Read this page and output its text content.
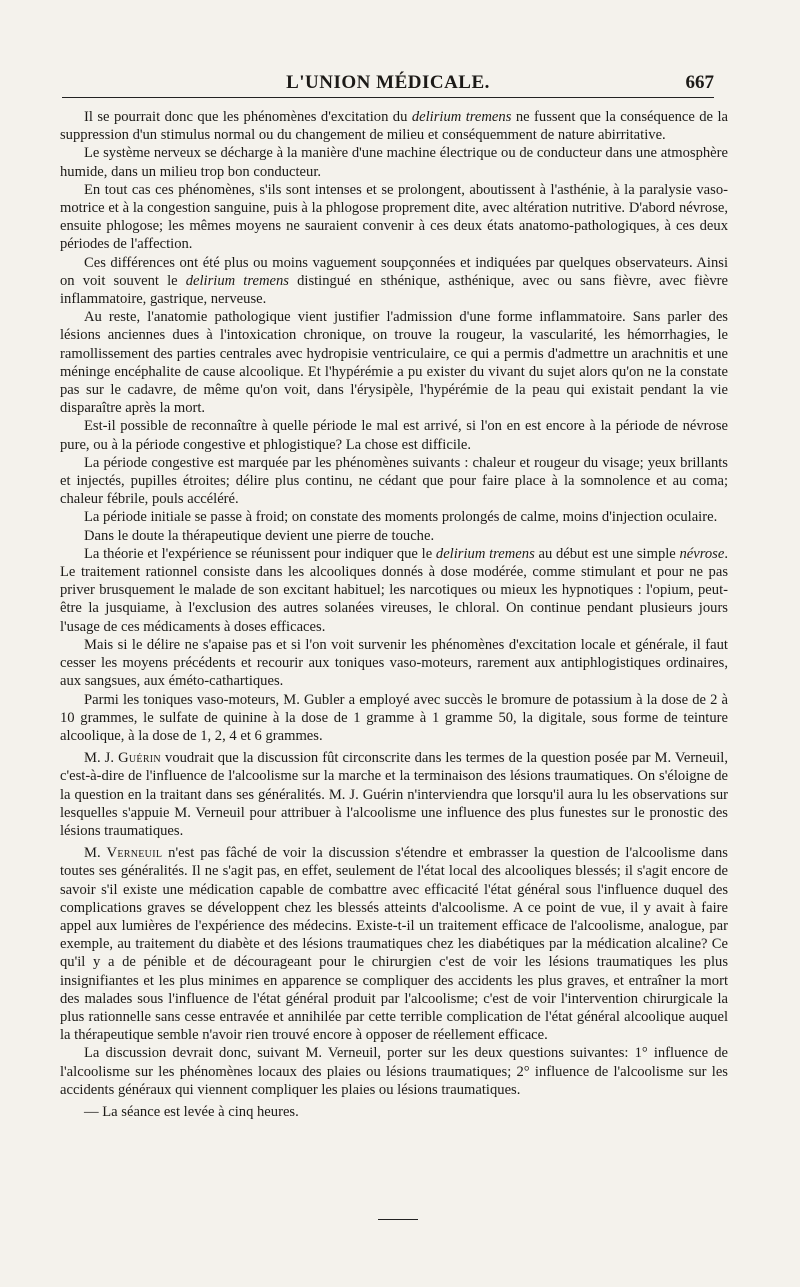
L'UNION MÉDICALE.	667

Il se pourrait donc que les phénomènes d'excitation du delirium tremens ne fussent que la conséquence de la suppression d'un stimulus normal ou du changement de milieu et conséquemment de nature abirritative.

Le système nerveux se décharge à la manière d'une machine électrique ou de conducteur dans une atmosphère humide, dans un milieu trop bon conducteur.

En tout cas ces phénomènes, s'ils sont intenses et se prolongent, aboutissent à l'asthénie, à la paralysie vaso-motrice et à la congestion sanguine, puis à la phlogose proprement dite, avec altération nutritive. D'abord névrose, ensuite phlogose; les mêmes moyens ne sauraient convenir à ces deux états anatomo-pathologiques, à ces deux périodes de l'affection.

Ces différences ont été plus ou moins vaguement soupçonnées et indiquées par quelques observateurs. Ainsi on voit souvent le delirium tremens distingué en sthénique, asthénique, avec ou sans fièvre, avec fièvre inflammatoire, gastrique, nerveuse.

Au reste, l'anatomie pathologique vient justifier l'admission d'une forme inflammatoire. Sans parler des lésions anciennes dues à l'intoxication chronique, on trouve la rougeur, la vascularité, les hémorrhagies, le ramollissement des parties centrales avec hydropisie ventriculaire, ce qui a permis d'admettre un arachnitis et une méninge encéphalite de cause alcoolique. Et l'hypérémie a pu exister du vivant du sujet alors qu'on ne la constate pas sur le cadavre, de même qu'on voit, dans l'érysipèle, l'hypérémie de la peau qui existait pendant la vie disparaître après la mort.

Est-il possible de reconnaître à quelle période le mal est arrivé, si l'on en est encore à la période de névrose pure, ou à la période congestive et phlogistique? La chose est difficile.

La période congestive est marquée par les phénomènes suivants : chaleur et rougeur du visage; yeux brillants et injectés, pupilles étroites; délire plus continu, ne cédant que pour faire place à la somnolence et au coma; chaleur fébrile, pouls accéléré.

La période initiale se passe à froid; on constate des moments prolongés de calme, moins d'injection oculaire.

Dans le doute la thérapeutique devient une pierre de touche.

La théorie et l'expérience se réunissent pour indiquer que le delirium tremens au début est une simple névrose. Le traitement rationnel consiste dans les alcooliques donnés à dose modérée, comme stimulant et pour ne pas priver brusquement le malade de son excitant habituel; les narcotiques ou mieux les hypnotiques : l'opium, peut-être la jusquiame, à l'exclusion des autres solanées vireuses, le chloral. On continue pendant plusieurs jours l'usage de ces médicaments à doses efficaces.

Mais si le délire ne s'apaise pas et si l'on voit survenir les phénomènes d'excitation locale et générale, il faut cesser les moyens précédents et recourir aux toniques vaso-moteurs, rarement aux antiphlogistiques ordinaires, aux sangsues, aux éméto-cathartiques.

Parmi les toniques vaso-moteurs, M. Gubler a employé avec succès le bromure de potassium à la dose de 2 à 10 grammes, le sulfate de quinine à la dose de 1 gramme à 1 gramme 50, la digitale, sous forme de teinture alcoolique, à la dose de 1, 2, 4 et 6 grammes.

M. J. Guérin voudrait que la discussion fût circonscrite dans les termes de la question posée par M. Verneuil, c'est-à-dire de l'influence de l'alcoolisme sur la marche et la terminaison des lésions traumatiques. On s'éloigne de la question en la traitant dans ses généralités. M. J. Guérin n'interviendra que lorsqu'il aura lu les observations sur lesquelles s'appuie M. Verneuil pour attribuer à l'alcoolisme une influence des plus funestes sur le pronostic des lésions traumatiques.

M. Verneuil n'est pas fâché de voir la discussion s'étendre et embrasser la question de l'alcoolisme dans toutes ses généralités. Il ne s'agit pas, en effet, seulement de l'état local des alcooliques blessés; il s'agit encore de savoir s'il existe une médication capable de combattre avec efficacité l'état général sous l'influence duquel des complications graves se développent chez les blessés atteints d'alcoolisme. A ce point de vue, il y avait à faire appel aux lumières de l'expérience des médecins. Existe-t-il un traitement efficace de l'alcoolisme, analogue, par exemple, au traitement du diabète et des lésions traumatiques chez les diabétiques par la médication alcaline? Ce qu'il y a de pénible et de décourageant pour le chirurgien c'est de voir les lésions traumatiques les plus insignifiantes et les plus minimes en apparence se compliquer des accidents les plus graves, et entraîner la mort des malades sous l'influence de l'état général produit par l'alcoolisme; c'est de voir l'intervention chirurgicale la plus rationnelle sans cesse entravée et annihilée par cette terrible complication de l'état général alcoolique auquel la thérapeutique semble n'avoir rien trouvé encore à opposer de réellement efficace.

La discussion devrait donc, suivant M. Verneuil, porter sur les deux questions suivantes: 1° influence de l'alcoolisme sur les phénomènes locaux des plaies ou lésions traumatiques; 2° influence de l'alcoolisme sur les accidents généraux qui viennent compliquer les plaies ou lésions traumatiques.

— La séance est levée à cinq heures.
